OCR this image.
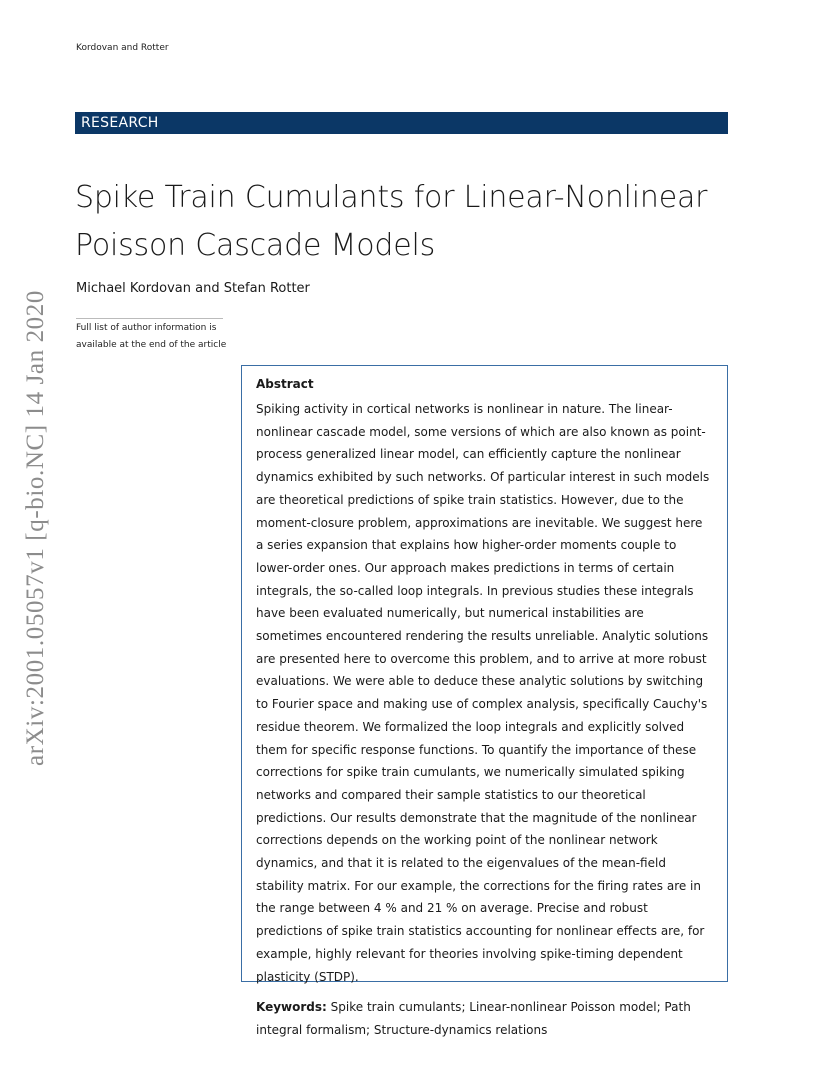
Kordovan and Rotter
RESEARCH
Spike Train Cumulants for Linear-Nonlinear
Poisson Cascade Models
Michael Kordovan and Stefan Rotter
Full list of author information is
available at the end of the article
arXiv:2001.05057v1 [q-bio.NC] 14 Jan 2020	Abstract

Spiking activity in cortical networks is nonlinear in nature. The linear-nonlinear cascade model, some versions of which are also known as point-process generalized linear model, can efficiently capture the nonlinear dynamics exhibited by such networks. Of particular interest in such models are theoretical predictions of spike train statistics. However, due to the moment-closure problem, approximations are inevitable. We suggest here a series expansion that explains how higher-order moments couple to lower-order ones. Our approach makes predictions in terms of certain integrals, the so-called loop integrals. In previous studies these integrals have been evaluated numerically, but numerical instabilities are sometimes encountered rendering the results unreliable. Analytic solutions are presented here to overcome this problem, and to arrive at more robust evaluations. We were able to deduce these analytic solutions by switching to Fourier space and making use of complex analysis, specifically Cauchy's residue theorem. We formalized the loop integrals and explicitly solved them for specific response functions. To quantify the importance of these corrections for spike train cumulants, we numerically simulated spiking networks and compared their sample statistics to our theoretical predictions. Our results demonstrate that the magnitude of the nonlinear corrections depends on the working point of the nonlinear network dynamics, and that it is related to the eigenvalues of the mean-field stability matrix. For our example, the corrections for the firing rates are in the range between 4 % and 21 % on average. Precise and robust predictions of spike train statistics accounting for nonlinear effects are, for example, highly relevant for theories involving spike-timing dependent plasticity (STDP).

Keywords: Spike train cumulants; Linear-nonlinear Poisson model; Path integral formalism; Structure-dynamics relations
